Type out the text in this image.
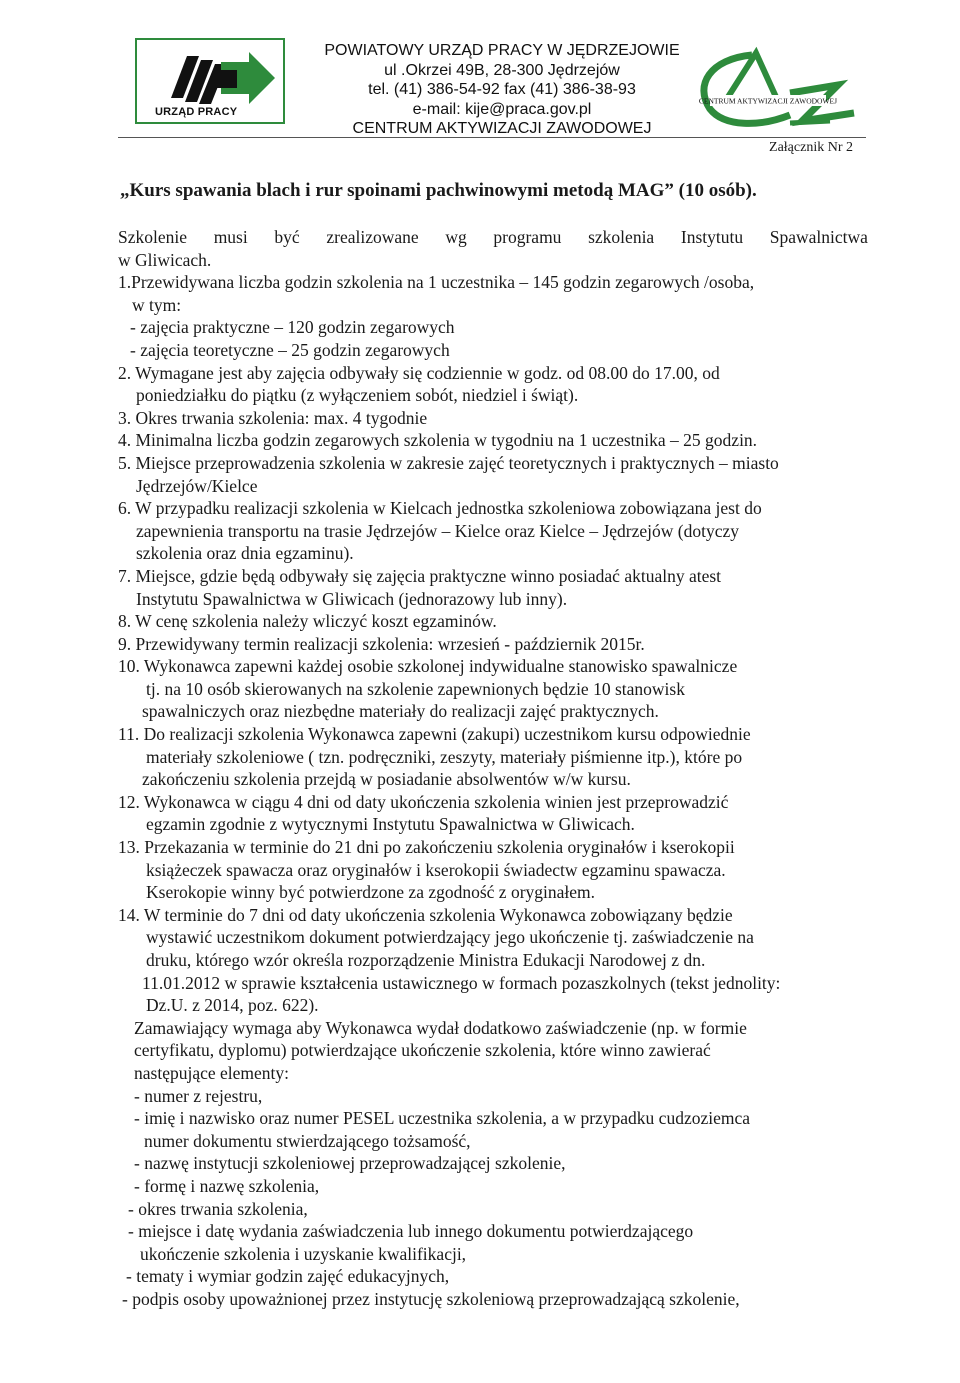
URZĄD PRACY
POWIATOWY URZĄD PRACY W JĘDRZEJOWIE
ul .Okrzei 49B, 28-300 Jędrzejów
tel. (41) 386-54-92 fax (41) 386-38-93
e-mail: kije@praca.gov.pl
CENTRUM AKTYWIZACJI ZAWODOWEJ
CENTRUM AKTYWIZACJI ZAWODOWEJ
Załącznik Nr 2
„Kurs spawania blach i rur spoinami pachwinowymi metodą MAG” (10 osób).
Szkolenie musi być zrealizowane wg programu szkolenia Instytutu Spawalnictwa
w Gliwicach.
1.Przewidywana liczba godzin szkolenia na 1 uczestnika – 145 godzin zegarowych /osoba,
w tym:
- zajęcia praktyczne – 120 godzin zegarowych
- zajęcia teoretyczne – 25 godzin zegarowych
2. Wymagane jest aby zajęcia odbywały się codziennie w godz. od 08.00 do 17.00, od
poniedziałku do piątku (z wyłączeniem sobót, niedziel i świąt).
3. Okres trwania szkolenia: max. 4 tygodnie
4. Minimalna liczba godzin zegarowych szkolenia w tygodniu na 1 uczestnika – 25 godzin.
5. Miejsce przeprowadzenia szkolenia w zakresie zajęć teoretycznych i praktycznych – miasto
Jędrzejów/Kielce
6. W przypadku realizacji szkolenia w Kielcach jednostka szkoleniowa zobowiązana jest do
zapewnienia transportu na trasie Jędrzejów – Kielce oraz Kielce – Jędrzejów (dotyczy
szkolenia oraz dnia egzaminu).
7. Miejsce, gdzie będą odbywały się zajęcia praktyczne winno posiadać aktualny atest
Instytutu Spawalnictwa w Gliwicach (jednorazowy lub inny).
8. W cenę szkolenia należy wliczyć koszt egzaminów.
9. Przewidywany termin realizacji szkolenia: wrzesień - październik 2015r.
10. Wykonawca zapewni każdej osobie szkolonej indywidualne stanowisko spawalnicze
tj. na 10 osób skierowanych na szkolenie zapewnionych będzie 10 stanowisk
spawalniczych oraz niezbędne materiały do realizacji zajęć praktycznych.
11. Do realizacji szkolenia Wykonawca zapewni (zakupi) uczestnikom kursu odpowiednie
materiały szkoleniowe ( tzn. podręczniki, zeszyty, materiały piśmienne itp.), które po
zakończeniu szkolenia przejdą w posiadanie absolwentów w/w kursu.
12. Wykonawca w ciągu 4 dni od daty ukończenia szkolenia winien jest przeprowadzić
egzamin zgodnie z wytycznymi Instytutu Spawalnictwa w Gliwicach.
13. Przekazania w terminie do 21 dni po zakończeniu szkolenia oryginałów i kserokopii
książeczek spawacza oraz oryginałów i kserokopii świadectw egzaminu spawacza.
Kserokopie winny być potwierdzone za zgodność z oryginałem.
14. W terminie do 7 dni od daty ukończenia szkolenia Wykonawca zobowiązany będzie
wystawić uczestnikom dokument potwierdzający jego ukończenie tj. zaświadczenie na
druku, którego wzór określa rozporządzenie Ministra Edukacji Narodowej z dn.
11.01.2012 w sprawie kształcenia ustawicznego w formach pozaszkolnych (tekst jednolity:
Dz.U. z 2014, poz. 622).
Zamawiający wymaga aby Wykonawca wydał dodatkowo zaświadczenie (np. w formie
certyfikatu, dyplomu) potwierdzające ukończenie szkolenia, które winno zawierać
następujące elementy:
- numer z rejestru,
- imię i nazwisko oraz numer PESEL uczestnika szkolenia, a w przypadku cudzoziemca
numer dokumentu stwierdzającego tożsamość,
- nazwę instytucji szkoleniowej przeprowadzającej szkolenie,
- formę i nazwę szkolenia,
- okres trwania szkolenia,
- miejsce i datę wydania zaświadczenia lub innego dokumentu potwierdzającego
ukończenie szkolenia i uzyskanie kwalifikacji,
- tematy i wymiar godzin zajęć edukacyjnych,
- podpis osoby upoważnionej przez instytucję szkoleniową przeprowadzającą szkolenie,
